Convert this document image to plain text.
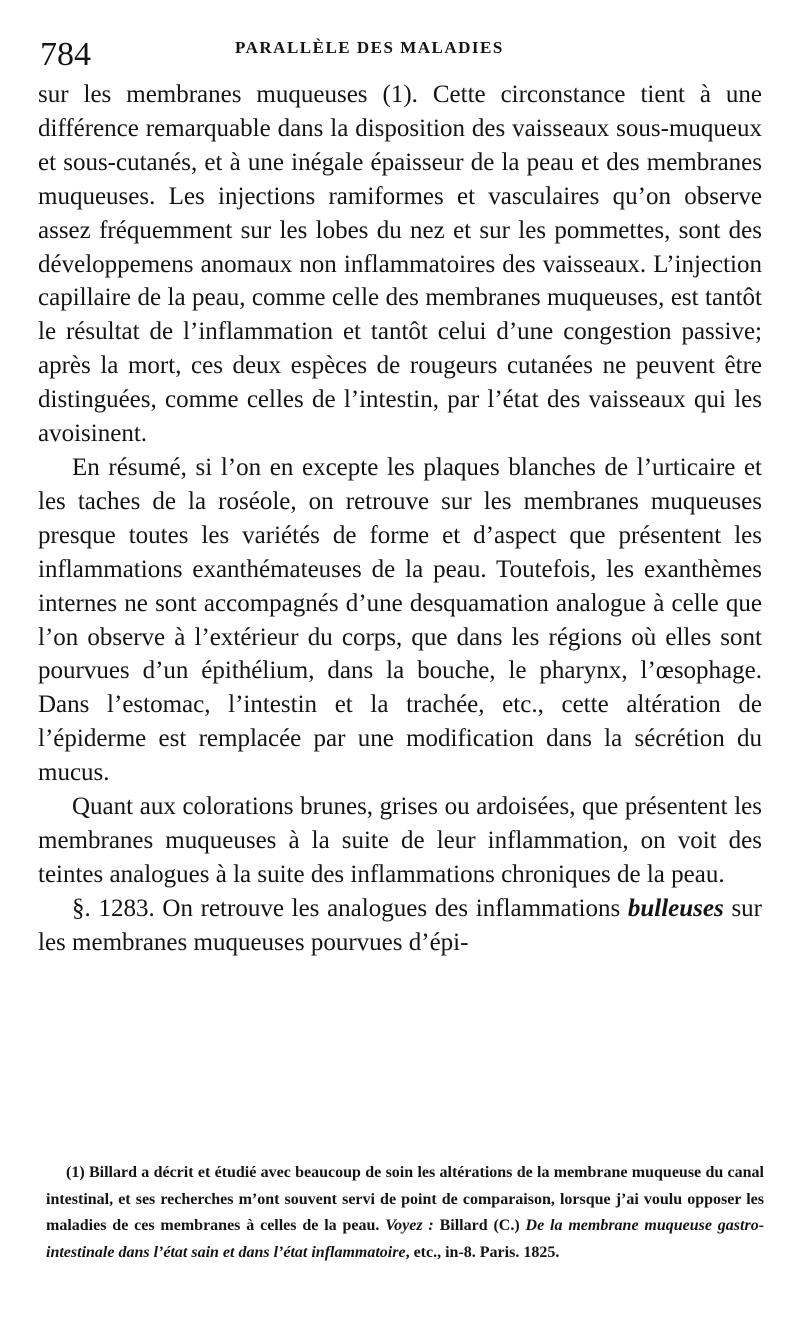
784	PARALLÈLE DES MALADIES

sur les membranes muqueuses (1). Cette circonstance tient à une différence remarquable dans la disposition des vaisseaux sous-muqueux et sous-cutanés, et à une inégale épaisseur de la peau et des membranes muqueuses. Les injections ramiformes et vasculaires qu’on observe assez fréquemment sur les lobes du nez et sur les pommettes, sont des développemens anomaux non inflammatoires des vaisseaux. L’injection capillaire de la peau, comme celle des membranes muqueuses, est tantôt le résultat de l’inflammation et tantôt celui d’une congestion passive; après la mort, ces deux espèces de rougeurs cutanées ne peuvent être distinguées, comme celles de l’intestin, par l’état des vaisseaux qui les avoisinent.

En résumé, si l’on en excepte les plaques blanches de l’urticaire et les taches de la roséole, on retrouve sur les membranes muqueuses presque toutes les variétés de forme et d’aspect que présentent les inflammations exanthémateuses de la peau. Toutefois, les exanthèmes internes ne sont accompagnés d’une desquamation analogue à celle que l’on observe à l’extérieur du corps, que dans les régions où elles sont pourvues d’un épithélium, dans la bouche, le pharynx, l’œsophage. Dans l’estomac, l’intestin et la trachée, etc., cette altération de l’épiderme est remplacée par une modification dans la sécrétion du mucus.

Quant aux colorations brunes, grises ou ardoisées, que présentent les membranes muqueuses à la suite de leur inflammation, on voit des teintes analogues à la suite des inflammations chroniques de la peau.

§. 1283. On retrouve les analogues des inflammations bulleuses sur les membranes muqueuses pourvues d’épi-

(1) Billard a décrit et étudié avec beaucoup de soin les altérations de la membrane muqueuse du canal intestinal, et ses recherches m’ont souvent servi de point de comparaison, lorsque j’ai voulu opposer les maladies de ces membranes à celles de la peau. Voyez : Billard (C.) De la membrane muqueuse gastro-intestinale dans l’état sain et dans l’état inflammatoire, etc., in-8. Paris. 1825.
